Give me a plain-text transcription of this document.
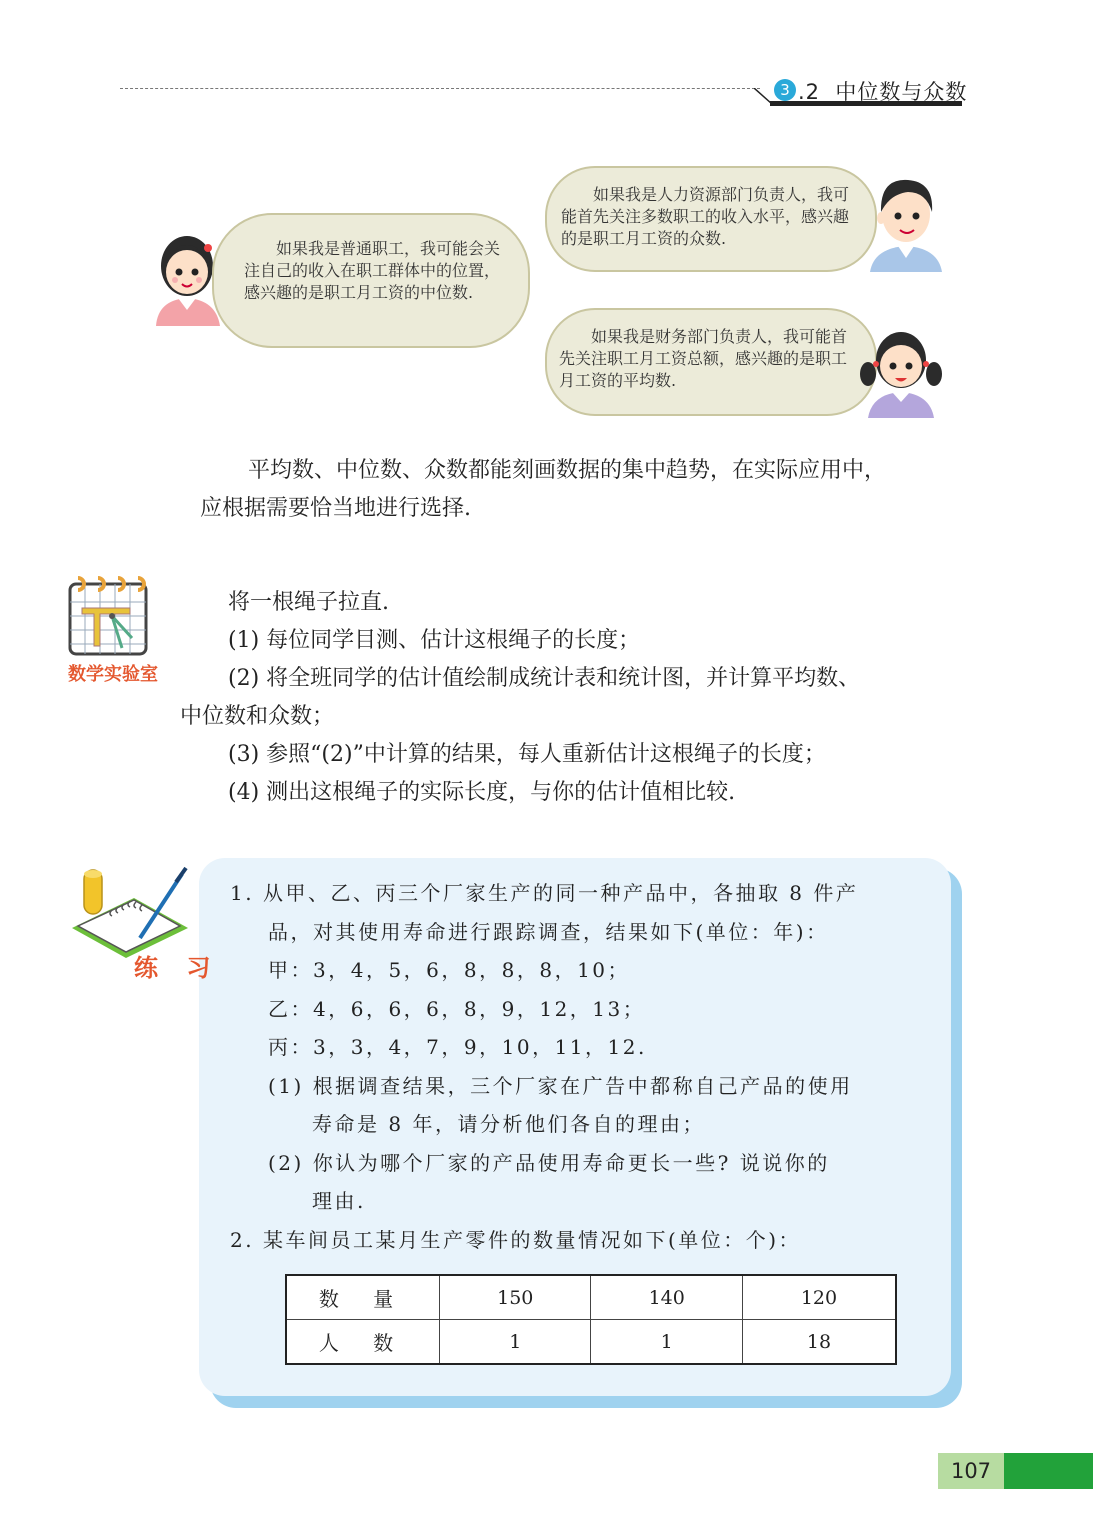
3 .2  中位数与众数

如果我是普通职工，我可能会关注自己的收入在职工群体中的位置，感兴趣的是职工月工资的中位数.

如果我是人力资源部门负责人，我可能首先关注多数职工的收入水平，感兴趣的是职工月工资的众数.

如果我是财务部门负责人，我可能首先关注职工月工资总额，感兴趣的是职工月工资的平均数.

平均数、中位数、众数都能刻画数据的集中趋势，在实际应用中，
应根据需要恰当地进行选择.
数学实验室
将一根绳子拉直.
(1) 每位同学目测、估计这根绳子的长度；
(2) 将全班同学的估计值绘制成统计表和统计图，并计算平均数、
中位数和众数；
(3) 参照“(2)”中计算的结果，每人重新估计这根绳子的长度；
(4) 测出这根绳子的实际长度，与你的估计值相比较.
练 习
1. 从甲、乙、丙三个厂家生产的同一种产品中，各抽取 8 件产
品，对其使用寿命进行跟踪调查，结果如下(单位：年)：
甲：3，4，5，6，8，8，8，10；
乙：4，6，6，6，8，9，12，13；
丙：3，3，4，7，9，10，11，12.
(1) 根据调查结果，三个厂家在广告中都称自己产品的使用
寿命是 8 年，请分析他们各自的理由；
(2) 你认为哪个厂家的产品使用寿命更长一些? 说说你的
理由.
2. 某车间员工某月生产零件的数量情况如下(单位：个)：
数 量	150	140	120
人 数	1	1	18
107
